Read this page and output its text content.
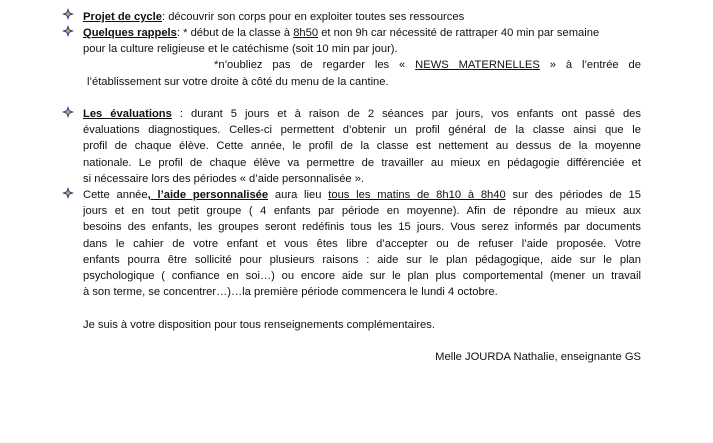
Projet de cycle: découvrir son corps pour en exploiter toutes ses ressources
Quelques rappels: * début de la classe à 8h50 et non 9h car nécessité de rattraper 40 min par semaine
pour la culture religieuse et le catéchisme (soit 10 min par jour).
*n’oubliez pas de regarder les « NEWS MATERNELLES » à l’entrée de
l’établissement sur votre droite à côté du menu de la cantine.
Les évaluations : durant 5 jours et à raison de 2 séances par jours, vos enfants ont passé des
évaluations diagnostiques. Celles-ci permettent d’obtenir un profil général de la classe ainsi que le
profil de chaque élève. Cette année, le profil de la classe est nettement au dessus de la moyenne
nationale. Le profil de chaque élève va permettre de travailler au mieux en pédagogie différenciée et
si nécessaire lors des périodes « d’aide personnalisée ».
Cette année, l’aide personnalisée aura lieu tous les matins de 8h10 à 8h40 sur des périodes de 15
jours et en tout petit groupe ( 4 enfants par période en moyenne). Afin de répondre au mieux aux
besoins des enfants, les groupes seront redéfinis tous les 15 jours. Vous serez informés par documents
dans le cahier de votre enfant et vous êtes libre d’accepter ou de refuser l’aide proposée. Votre
enfants pourra être sollicité pour plusieurs raisons : aide sur le plan pédagogique, aide sur le plan
psychologique ( confiance en soi…) ou encore aide sur le plan plus comportemental (mener un travail
à son terme, se concentrer…)…la première période commencera le lundi 4 octobre.
Je suis à votre disposition pour tous renseignements complémentaires.
Melle JOURDA Nathalie, enseignante GS
